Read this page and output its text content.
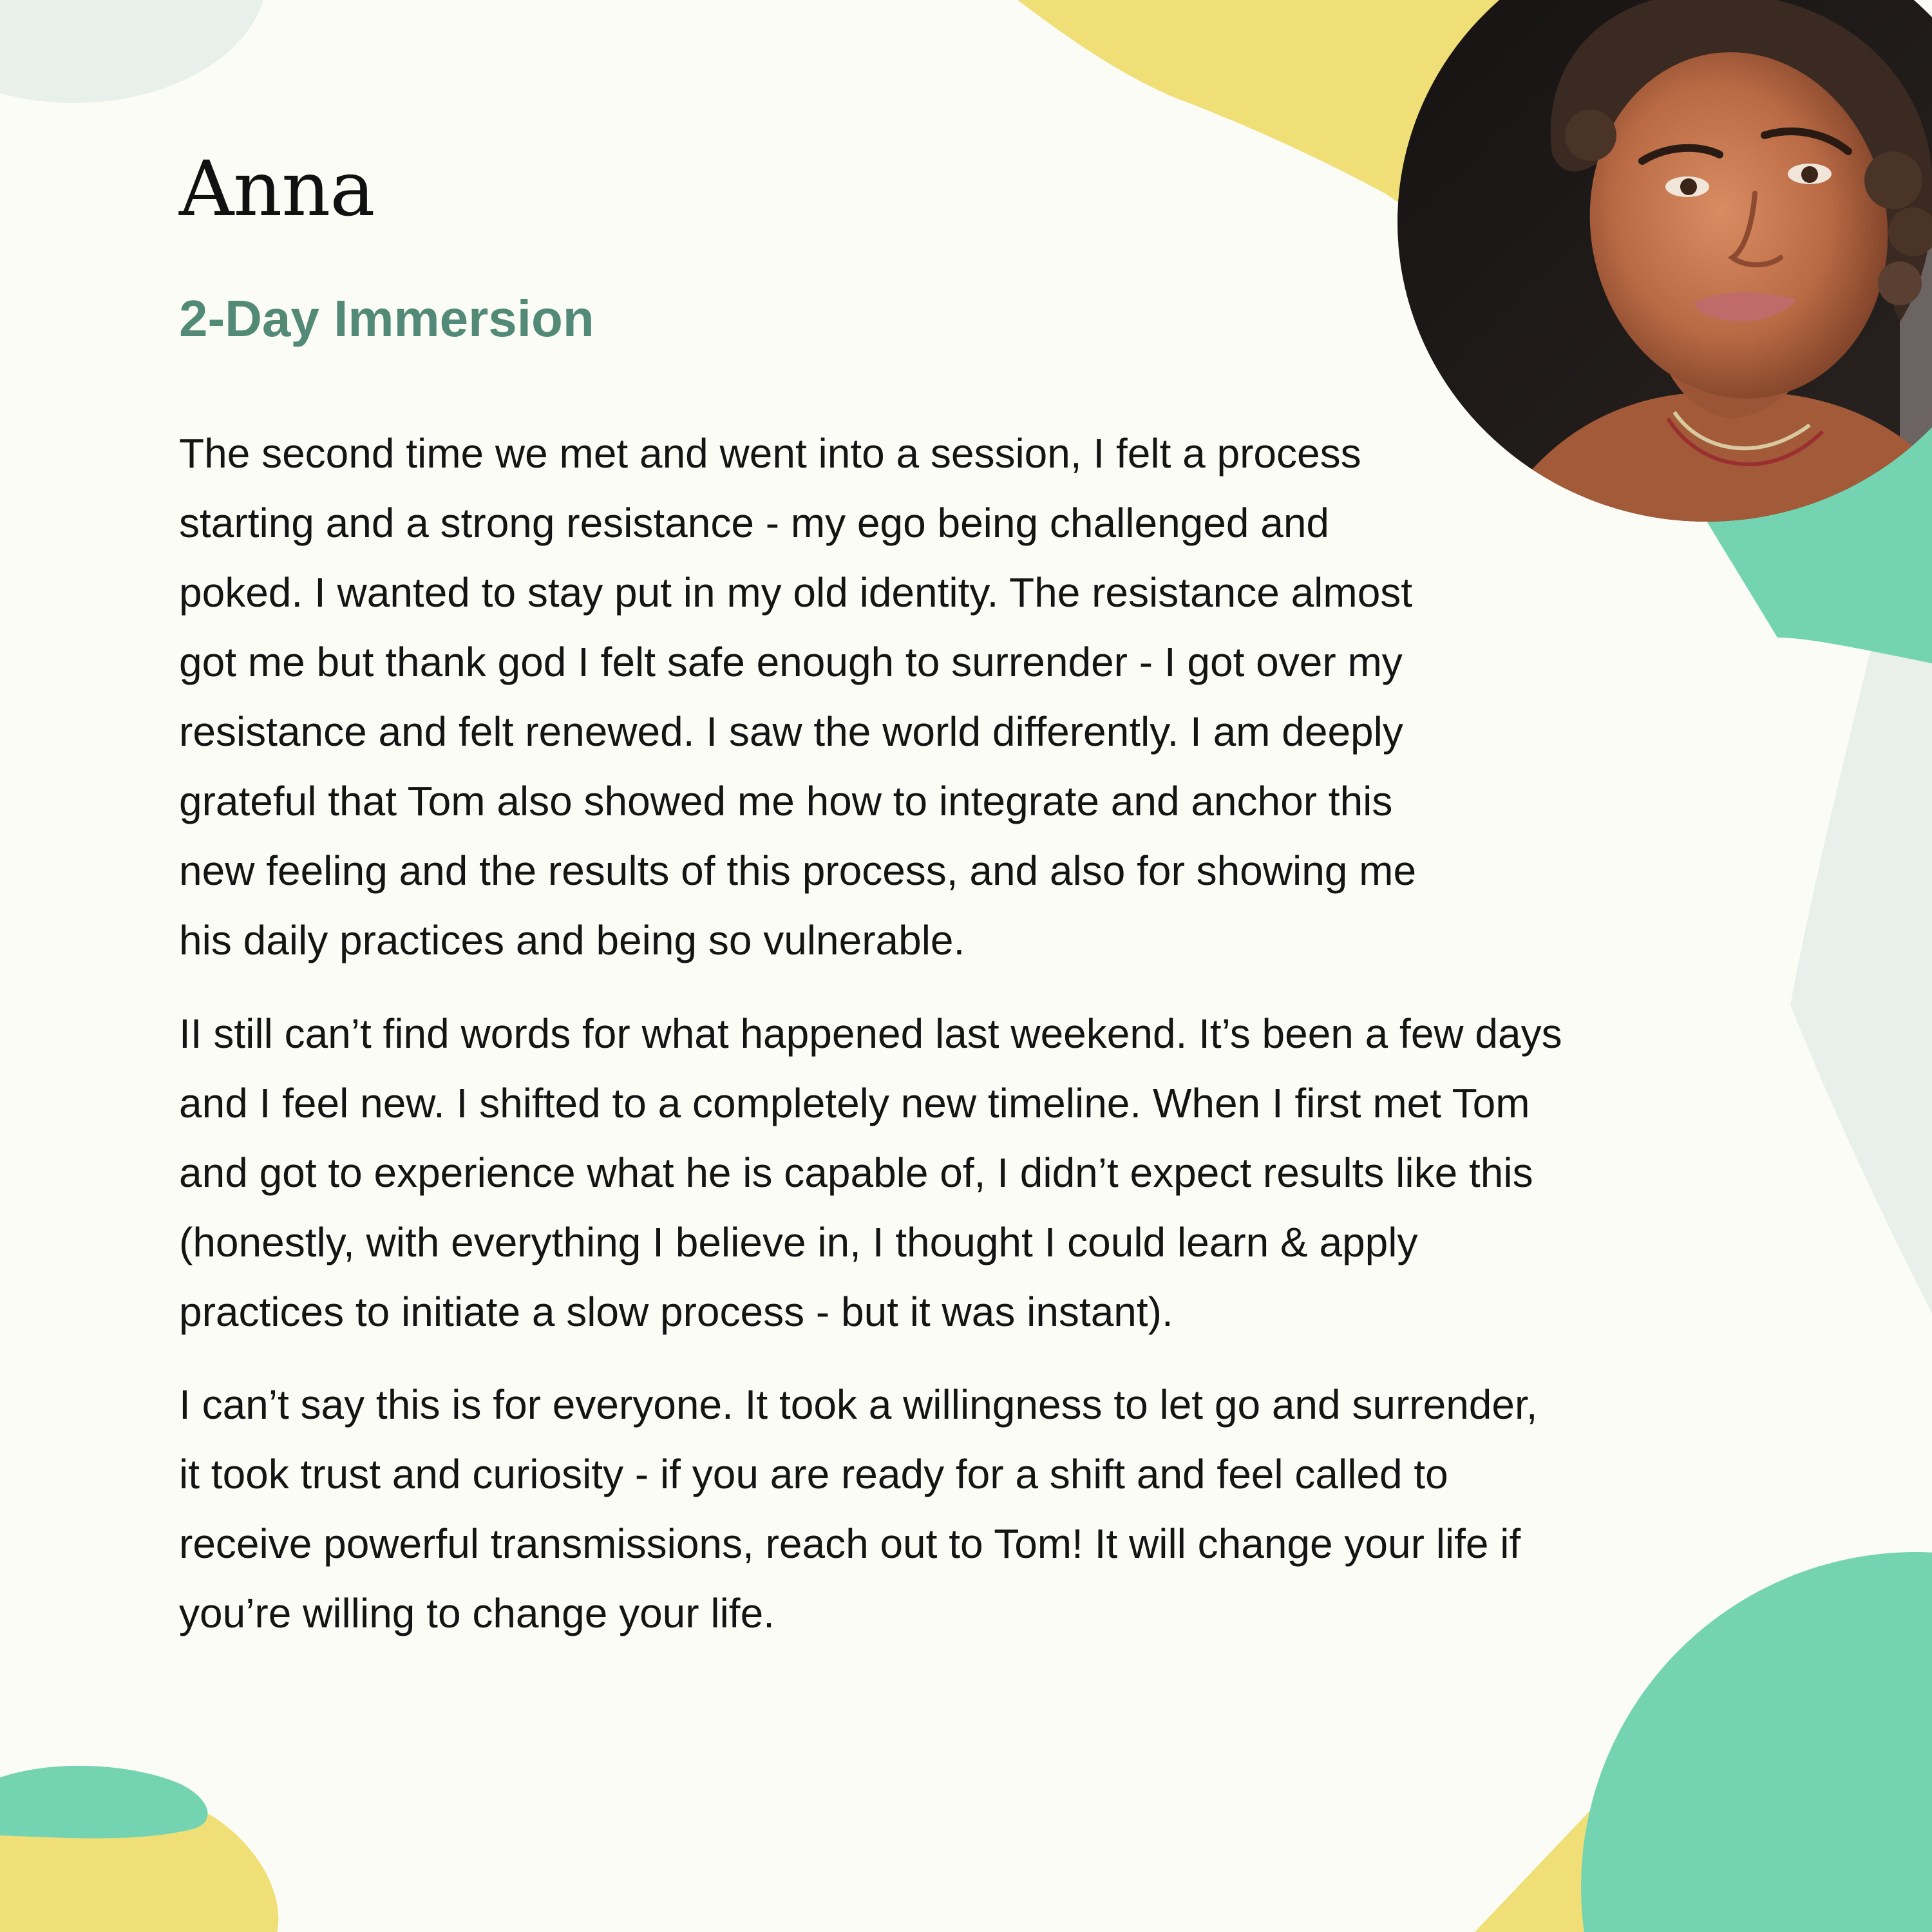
Anna
2-Day Immersion

The second time we met and went into a session, I felt a process
starting and a strong resistance - my ego being challenged and
poked. I wanted to stay put in my old identity. The resistance almost
got me but thank god I felt safe enough to surrender - I got over my
resistance and felt renewed. I saw the world differently. I am deeply
grateful that Tom also showed me how to integrate and anchor this
new feeling and the results of this process, and also for showing me
his daily practices and being so vulnerable.

II still can’t find words for what happened last weekend. It’s been a few days
and I feel new. I shifted to a completely new timeline. When I first met Tom
and got to experience what he is capable of, I didn’t expect results like this
(honestly, with everything I believe in, I thought I could learn & apply
practices to initiate a slow process - but it was instant).

I can’t say this is for everyone. It took a willingness to let go and surrender,
it took trust and curiosity - if you are ready for a shift and feel called to
receive powerful transmissions, reach out to Tom! It will change your life if
you’re willing to change your life.
